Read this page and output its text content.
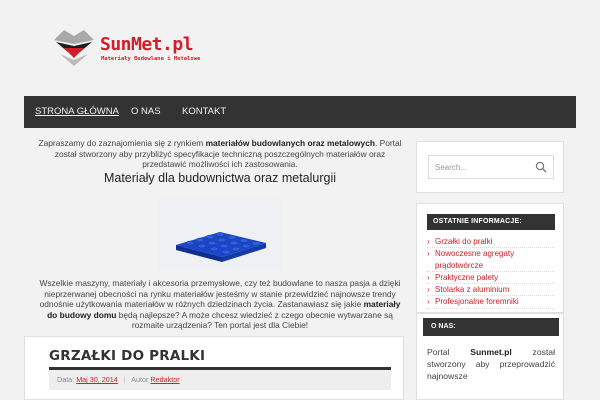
SunMet.pl
Materiały Budowlane i Metalowe
STRONA GŁÓWNA O NAS KONTAKT
Zapraszamy do zaznajomienia się z rynkiem materiałów budowlanych oraz metalowych. Portal został stworzony aby przybliżyć specyfikacje techniczną poszczególnych materiałów oraz przedstawić możliwości ich zastosowania.
Materiały dla budownictwa oraz metalurgii
Wszelkie maszyny, materiały i akcesoria przemysłowe, czy też budowlane to nasza pasja a dzięki nieprzerwanej obecności na rynku materiałów jesteśmy w stanie przewidzieć najnowsze trendy odnośnie użytkowania materiałów w różnych dziedzinach życia. Zastanawiasz się jakie materiały do budowy domu będą najlepsze? A może chcesz wiedzieć z czego obecnie wytwarzane są rozmaite urządzenia? Ten portal jest dla Ciebie!
GRZAŁKI DO PRALKI
Data: Maj 30, 2014 | Autor Redaktor
Search...
OSTATNIE INFORMACJE:
› Grzałki do pralki
› Nowoczesne agregaty prądotwórcze
› Praktyczne palety
› Stolarka z aluminium
› Profesjonalne foremniki
O NAS:
Portal Sunmet.pl został stworzony aby przeprowadzić najnowsze
